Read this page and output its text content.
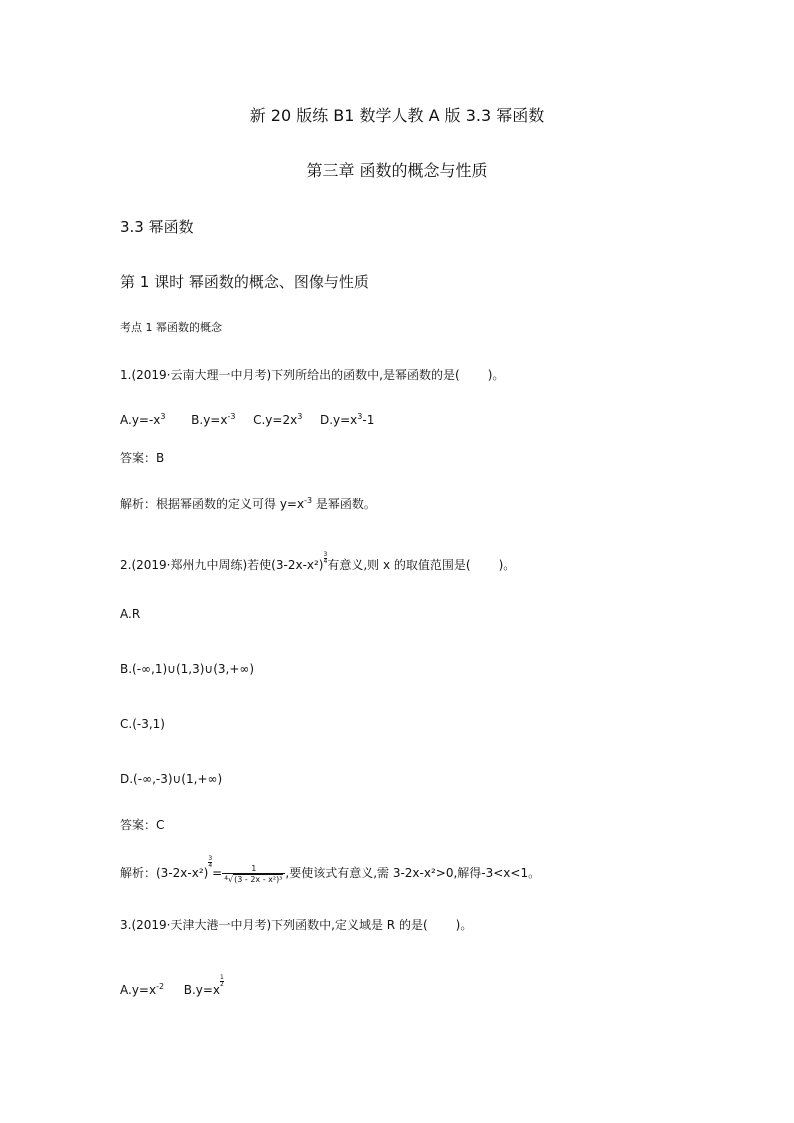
新 20 版练 B1 数学人教 A 版 3.3 幂函数
第三章 函数的概念与性质
3.3 幂函数
第 1 课时 幂函数的概念、图像与性质
考点 1 幂函数的概念
1.(2019·云南大理一中月考)下列所给出的函数中,是幂函数的是( )。
$A.y=-x^3$ $B.y=x^{-3}$ $C.y=2x^3$ $D.y=x^3-1$
答案：B
解析：根据幂函数的定义可得 $y=x^{-3}$ 是幂函数。
2.(2019·郑州九中周练)若使$(3-2x-x^2) \frac{3}{4}$ 有意义,则 x 的取值范围是( )。
A.R
B.(-∞,1)∪(1,3)∪(3,+∞)
C.(-3,1)
D.(-∞,-3)∪(1,+∞)
答案：C
解析：(3-2x-x²)
$\frac{3}{4}$
= $\frac{1}{^4√(3 - 2x - x^2)^3}$ ,要使该式有意义,需 3-2x-x²>0,解得-3<x<1。
3.(2019·天津大港一中月考)下列函数中,定义域是 R 的是( )。
$A.y=x^{-2}$ B.y=x
$\frac{1}{2}$
